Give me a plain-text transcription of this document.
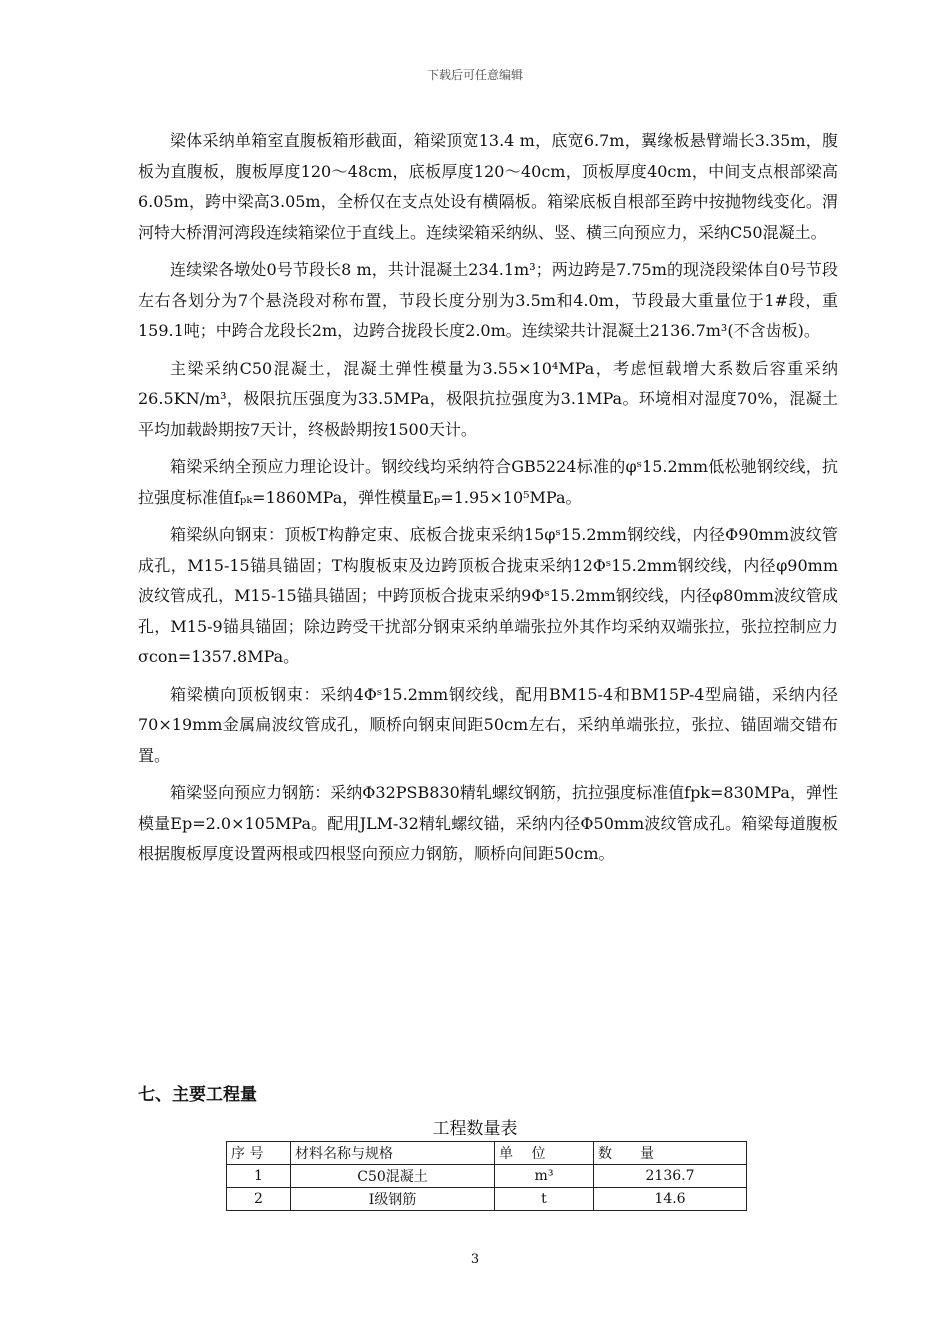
下载后可任意编辑

梁体采纳单箱室直腹板箱形截面，箱梁顶宽13.4 m，底宽6.7m，翼缘板悬臂端长3.35m，腹板为直腹板，腹板厚度120～48cm，底板厚度120～40cm，顶板厚度40cm，中间支点根部梁高6.05m，跨中梁高3.05m，全桥仅在支点处设有横隔板。箱梁底板自根部至跨中按抛物线变化。渭河特大桥渭河湾段连续箱梁位于直线上。连续梁箱采纳纵、竖、横三向预应力，采纳C50混凝土。

连续梁各墩处0号节段长8 m，共计混凝土234.1m³；两边跨是7.75m的现浇段梁体自0号节段左右各划分为7个悬浇段对称布置，节段长度分别为3.5m和4.0m，节段最大重量位于1#段，重159.1吨；中跨合龙段长2m，边跨合拢段长度2.0m。连续梁共计混凝土2136.7m³(不含齿板)。

主梁采纳C50混凝土，混凝土弹性模量为3.55×10⁴MPa，考虑恒载增大系数后容重采纳26.5KN/m³，极限抗压强度为33.5MPa，极限抗拉强度为3.1MPa。环境相对湿度70%，混凝土平均加载龄期按7天计，终极龄期按1500天计。

箱梁采纳全预应力理论设计。钢绞线均采纳符合GB5224标准的φˢ15.2mm低松驰钢绞线，抗拉强度标准值fₚₖ=1860MPa，弹性模量Eₚ=1.95×10⁵MPa。

箱梁纵向钢束：顶板T构静定束、底板合拢束采纳15φˢ15.2mm钢绞线，内径Φ90mm波纹管成孔，M15-15锚具锚固；T构腹板束及边跨顶板合拢束采纳12Φˢ15.2mm钢绞线，内径φ90mm波纹管成孔，M15-15锚具锚固；中跨顶板合拢束采纳9Φˢ15.2mm钢绞线，内径φ80mm波纹管成孔，M15-9锚具锚固；除边跨受干扰部分钢束采纳单端张拉外其作均采纳双端张拉，张拉控制应力σcon=1357.8MPa。

箱梁横向顶板钢束：采纳4Φˢ15.2mm钢绞线，配用BM15-4和BM15P-4型扁锚，采纳内径70×19mm金属扁波纹管成孔，顺桥向钢束间距50cm左右，采纳单端张拉，张拉、锚固端交错布置。

箱梁竖向预应力钢筋：采纳Φ32PSB830精轧螺纹钢筋，抗拉强度标准值fpk=830MPa，弹性模量Ep=2.0×105MPa。配用JLM-32精轧螺纹锚，采纳内径Φ50mm波纹管成孔。箱梁每道腹板根据腹板厚度设置两根或四根竖向预应力钢筋，顺桥向间距50cm。

七、主要工程量
工程数量表
序 号	材料名称与规格	单　 位	数　　量
1	C50混凝土	m³	2136.7
2	I级钢筋	t	14.6
3
